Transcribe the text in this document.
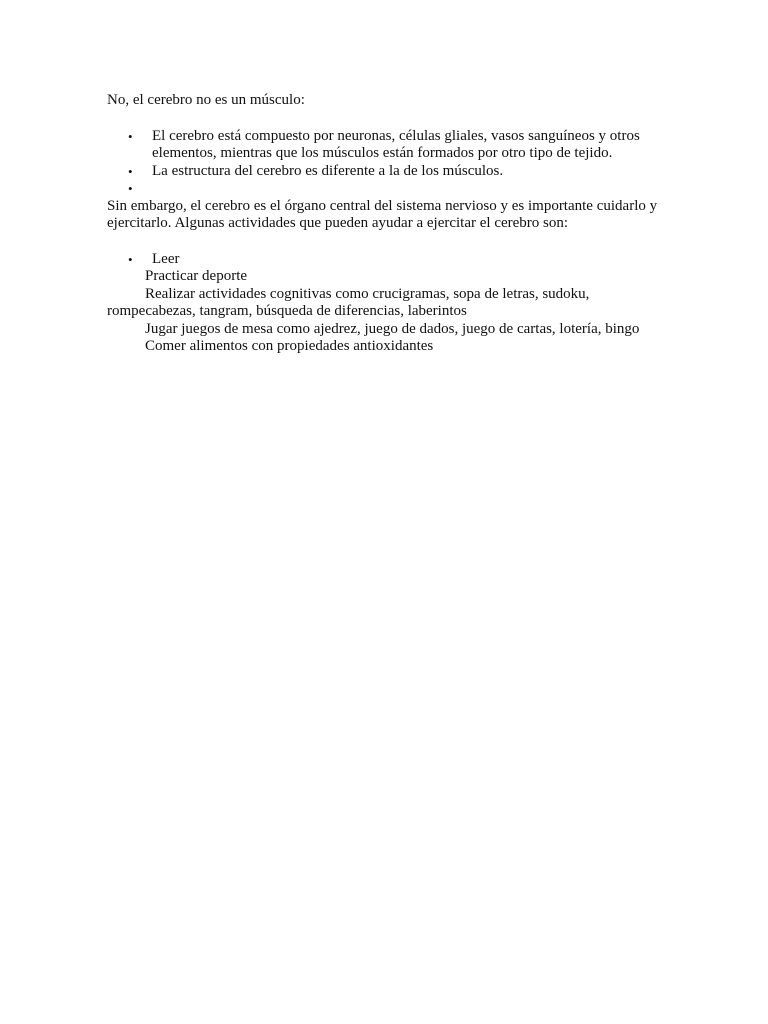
No, el cerebro no es un músculo:

• El cerebro está compuesto por neuronas, células gliales, vasos sanguíneos y otros elementos, mientras que los músculos están formados por otro tipo de tejido.
• La estructura del cerebro es diferente a la de los músculos.
•

Sin embargo, el cerebro es el órgano central del sistema nervioso y es importante cuidarlo y ejercitarlo. Algunas actividades que pueden ayudar a ejercitar el cerebro son:

• Leer

Practicar deporte

Realizar actividades cognitivas como crucigramas, sopa de letras, sudoku, rompecabezas, tangram, búsqueda de diferencias, laberintos

Jugar juegos de mesa como ajedrez, juego de dados, juego de cartas, lotería, bingo

Comer alimentos con propiedades antioxidantes
